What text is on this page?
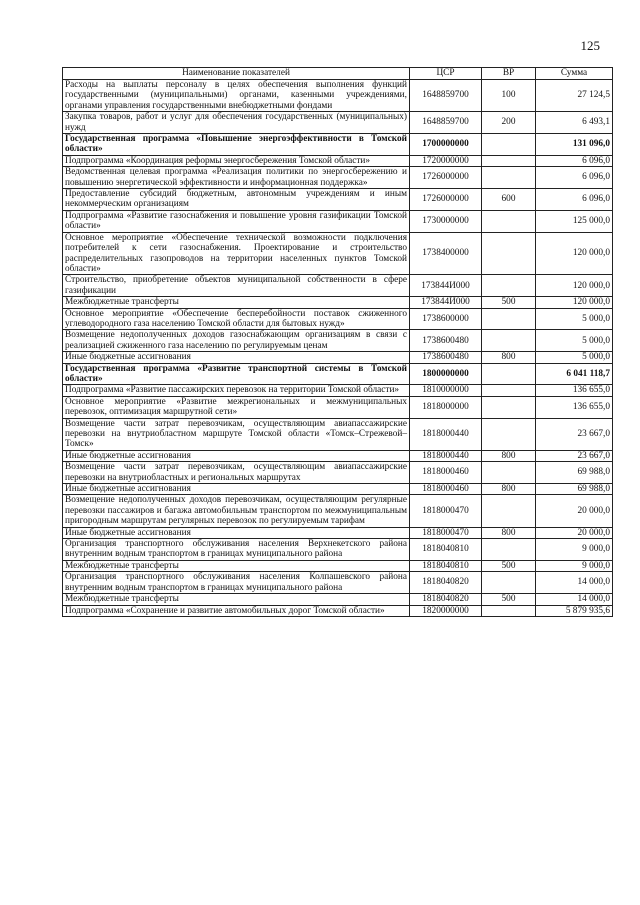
125
Наименование показателей	ЦСР	ВР	Сумма
Расходы на выплаты персоналу в целях обеспечения выполнения функций государственными (муниципальными) органами, казенными учреждениями, органами управления государственными внебюджетными фондами	1648859700	100	27 124,5
Закупка товаров, работ и услуг для обеспечения государственных (муниципальных) нужд	1648859700	200	6 493,1
Государственная программа «Повышение энергоэффективности в Томской области»	1700000000		131 096,0
Подпрограмма «Координация реформы энергосбережения Томской области»	1720000000		6 096,0
Ведомственная целевая программа «Реализация политики по энергосбережению и повышению энергетической эффективности и информационная поддержка»	1726000000		6 096,0
Предоставление субсидий бюджетным, автономным учреждениям и иным некоммерческим организациям	1726000000	600	6 096,0
Подпрограмма «Развитие газоснабжения и повышение уровня газификации Томской области»	1730000000		125 000,0
Основное мероприятие «Обеспечение технической возможности подключения потребителей к сети газоснабжения. Проектирование и строительство распределительных газопроводов на территории населенных пунктов Томской области»	1738400000		120 000,0
Строительство, приобретение объектов муниципальной собственности в сфере газификации	173844И000		120 000,0
Межбюджетные трансферты	173844И000	500	120 000,0
Основное мероприятие «Обеспечение бесперебойности поставок сжиженного углеводородного газа населению Томской области для бытовых нужд»	1738600000		5 000,0
Возмещение недополученных доходов газоснабжающим организациям в связи с реализацией сжиженного газа населению по регулируемым ценам	1738600480		5 000,0
Иные бюджетные ассигнования	1738600480	800	5 000,0
Государственная программа «Развитие транспортной системы в Томской области»	1800000000		6 041 118,7
Подпрограмма «Развитие пассажирских перевозок на территории Томской области»	1810000000		136 655,0
Основное мероприятие «Развитие межрегиональных и межмуниципальных перевозок, оптимизация маршрутной сети»	1818000000		136 655,0
Возмещение части затрат перевозчикам, осуществляющим авиапассажирские перевозки на внутриобластном маршруте Томской области «Томск–Стрежевой–Томск»	1818000440		23 667,0
Иные бюджетные ассигнования	1818000440	800	23 667,0
Возмещение части затрат перевозчикам, осуществляющим авиапассажирские перевозки на внутриобластных и региональных маршрутах	1818000460		69 988,0
Иные бюджетные ассигнования	1818000460	800	69 988,0
Возмещение недополученных доходов перевозчикам, осуществляющим регулярные перевозки пассажиров и багажа автомобильным транспортом по межмуниципальным пригородным маршрутам регулярных перевозок по регулируемым тарифам	1818000470		20 000,0
Иные бюджетные ассигнования	1818000470	800	20 000,0
Организация транспортного обслуживания населения Верхнекетского района внутренним водным транспортом в границах муниципального района	1818040810		9 000,0
Межбюджетные трансферты	1818040810	500	9 000,0
Организация транспортного обслуживания населения Колпашевского района внутренним водным транспортом в границах муниципального района	1818040820		14 000,0
Межбюджетные трансферты	1818040820	500	14 000,0
Подпрограмма «Сохранение и развитие автомобильных дорог Томской области»	1820000000		5 879 935,6
